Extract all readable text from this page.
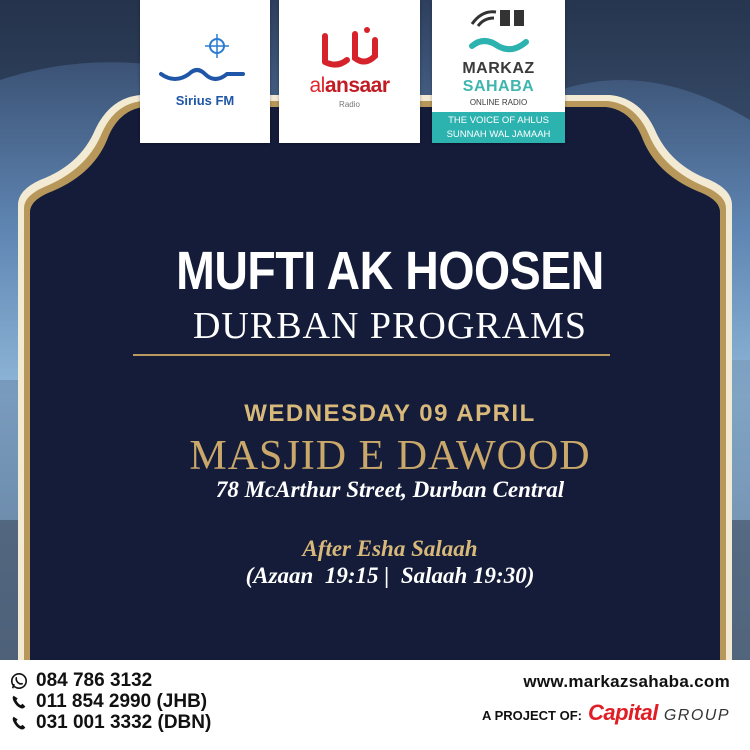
Sirius FM
alansaar
Radio
MARKAZ
SAHABA
ONLINE RADIO
THE VOICE OF AHLUS
SUNNAH WAL JAMAAH
MUFTI AK HOOSEN
DURBAN PROGRAMS
WEDNESDAY 09 APRIL
MASJID E DAWOOD
78 McArthur Street, Durban Central
After Esha Salaah
(Azaan  19:15 |  Salaah 19:30)
084 786 3132
011 854 2990 (JHB)
031 001 3332 (DBN)
www.markazsahaba.com
A PROJECT OF: Capital GROUP
